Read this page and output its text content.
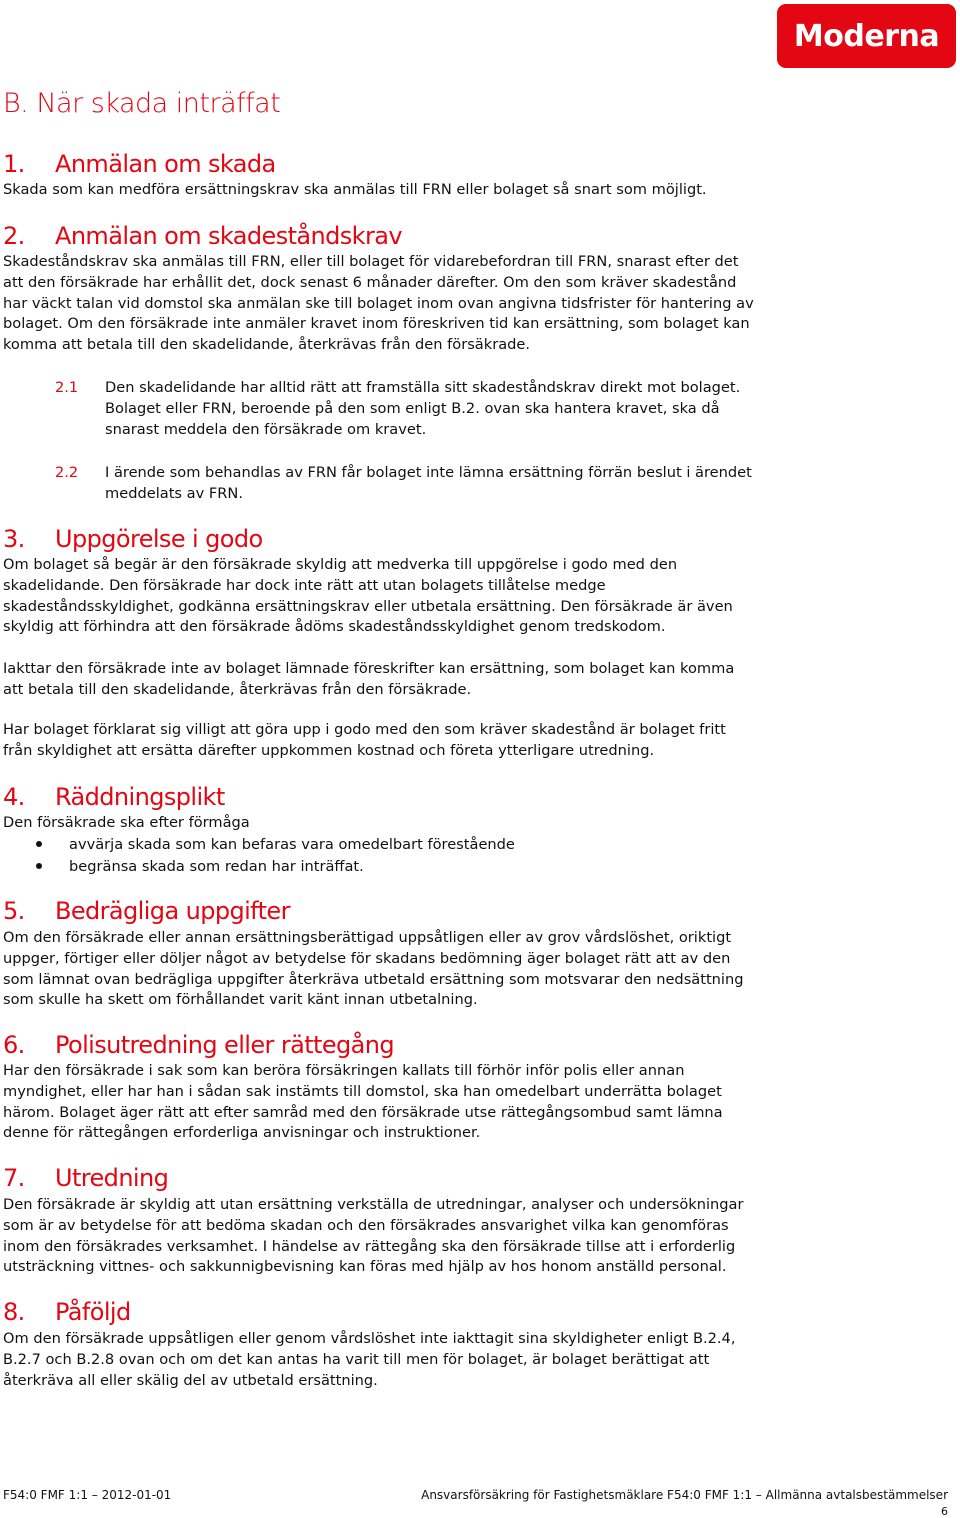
Moderna
B. När skada inträffat
1. Anmälan om skada
Skada som kan medföra ersättningskrav ska anmälas till FRN eller bolaget så snart som möjligt.
2. Anmälan om skadeståndskrav
Skadeståndskrav ska anmälas till FRN, eller till bolaget för vidarebefordran till FRN, snarast efter det
att den försäkrade har erhållit det, dock senast 6 månader därefter. Om den som kräver skadestånd
har väckt talan vid domstol ska anmälan ske till bolaget inom ovan angivna tidsfrister för hantering av
bolaget. Om den försäkrade inte anmäler kravet inom föreskriven tid kan ersättning, som bolaget kan
komma att betala till den skadelidande, återkrävas från den försäkrade.
2.1 Den skadelidande har alltid rätt att framställa sitt skadeståndskrav direkt mot bolaget.
Bolaget eller FRN, beroende på den som enligt B.2. ovan ska hantera kravet, ska då
snarast meddela den försäkrade om kravet.
2.2 I ärende som behandlas av FRN får bolaget inte lämna ersättning förrän beslut i ärendet
meddelats av FRN.
3. Uppgörelse i godo
Om bolaget så begär är den försäkrade skyldig att medverka till uppgörelse i godo med den
skadelidande. Den försäkrade har dock inte rätt att utan bolagets tillåtelse medge
skadeståndsskyldighet, godkänna ersättningskrav eller utbetala ersättning. Den försäkrade är även
skyldig att förhindra att den försäkrade ådöms skadeståndsskyldighet genom tredskodom.
Iakttar den försäkrade inte av bolaget lämnade föreskrifter kan ersättning, som bolaget kan komma
att betala till den skadelidande, återkrävas från den försäkrade.
Har bolaget förklarat sig villigt att göra upp i godo med den som kräver skadestånd är bolaget fritt
från skyldighet att ersätta därefter uppkommen kostnad och företa ytterligare utredning.
4. Räddningsplikt
Den försäkrade ska efter förmåga
avvärja skada som kan befaras vara omedelbart förestående
begränsa skada som redan har inträffat.
5. Bedrägliga uppgifter
Om den försäkrade eller annan ersättningsberättigad uppsåtligen eller av grov vårdslöshet, oriktigt
uppger, förtiger eller döljer något av betydelse för skadans bedömning äger bolaget rätt att av den
som lämnat ovan bedrägliga uppgifter återkräva utbetald ersättning som motsvarar den nedsättning
som skulle ha skett om förhållandet varit känt innan utbetalning.
6. Polisutredning eller rättegång
Har den försäkrade i sak som kan beröra försäkringen kallats till förhör inför polis eller annan
myndighet, eller har han i sådan sak instämts till domstol, ska han omedelbart underrätta bolaget
härom. Bolaget äger rätt att efter samråd med den försäkrade utse rättegångsombud samt lämna
denne för rättegången erforderliga anvisningar och instruktioner.
7. Utredning
Den försäkrade är skyldig att utan ersättning verkställa de utredningar, analyser och undersökningar
som är av betydelse för att bedöma skadan och den försäkrades ansvarighet vilka kan genomföras
inom den försäkrades verksamhet. I händelse av rättegång ska den försäkrade tillse att i erforderlig
utsträckning vittnes- och sakkunnigbevisning kan föras med hjälp av hos honom anställd personal.
8. Påföljd
Om den försäkrade uppsåtligen eller genom vårdslöshet inte iakttagit sina skyldigheter enligt B.2.4,
B.2.7 och B.2.8 ovan och om det kan antas ha varit till men för bolaget, är bolaget berättigat att
återkräva all eller skälig del av utbetald ersättning.
F54:0 FMF 1:1 – 2012-01-01	Ansvarsförsäkring för Fastighetsmäklare F54:0 FMF 1:1 – Allmänna avtalsbestämmelser
6
